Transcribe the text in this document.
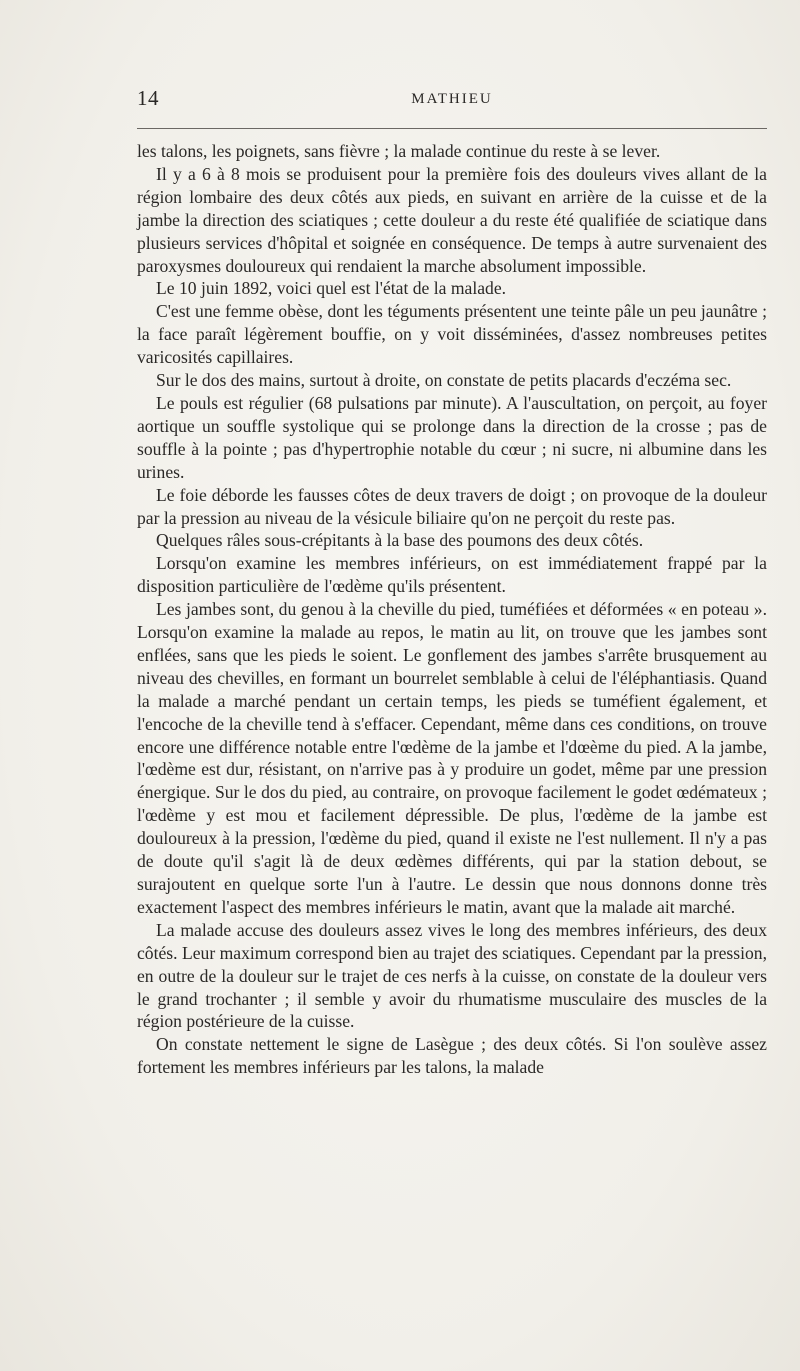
14	MATHIEU

les talons, les poignets, sans fièvre ; la malade continue du reste à se lever.

Il y a 6 à 8 mois se produisent pour la première fois des douleurs vives allant de la région lombaire des deux côtés aux pieds, en suivant en arrière de la cuisse et de la jambe la direction des sciatiques ; cette douleur a du reste été qualifiée de sciatique dans plusieurs services d'hôpital et soignée en conséquence. De temps à autre survenaient des paroxysmes douloureux qui rendaient la marche absolument impossible.

Le 10 juin 1892, voici quel est l'état de la malade.

C'est une femme obèse, dont les téguments présentent une teinte pâle un peu jaunâtre ; la face paraît légèrement bouffie, on y voit disséminées, d'assez nombreuses petites varicosités capillaires.

Sur le dos des mains, surtout à droite, on constate de petits placards d'eczéma sec.

Le pouls est régulier (68 pulsations par minute). A l'auscultation, on perçoit, au foyer aortique un souffle systolique qui se prolonge dans la direction de la crosse ; pas de souffle à la pointe ; pas d'hypertrophie notable du cœur ; ni sucre, ni albumine dans les urines.

Le foie déborde les fausses côtes de deux travers de doigt ; on provoque de la douleur par la pression au niveau de la vésicule biliaire qu'on ne perçoit du reste pas.

Quelques râles sous-crépitants à la base des poumons des deux côtés.

Lorsqu'on examine les membres inférieurs, on est immédiatement frappé par la disposition particulière de l'œdème qu'ils présentent.

Les jambes sont, du genou à la cheville du pied, tuméfiées et déformées « en poteau ». Lorsqu'on examine la malade au repos, le matin au lit, on trouve que les jambes sont enflées, sans que les pieds le soient. Le gonflement des jambes s'arrête brusquement au niveau des chevilles, en formant un bourrelet semblable à celui de l'éléphantiasis. Quand la malade a marché pendant un certain temps, les pieds se tuméfient également, et l'encoche de la cheville tend à s'effacer. Cependant, même dans ces conditions, on trouve encore une différence notable entre l'œdème de la jambe et l'dœème du pied. A la jambe, l'œdème est dur, résistant, on n'arrive pas à y produire un godet, même par une pression énergique. Sur le dos du pied, au contraire, on provoque facilement le godet œdémateux ; l'œdème y est mou et facilement dépressible. De plus, l'œdème de la jambe est douloureux à la pression, l'œdème du pied, quand il existe ne l'est nullement. Il n'y a pas de doute qu'il s'agit là de deux œdèmes différents, qui par la station debout, se surajoutent en quelque sorte l'un à l'autre. Le dessin que nous donnons donne très exactement l'aspect des membres inférieurs le matin, avant que la malade ait marché.

La malade accuse des douleurs assez vives le long des membres inférieurs, des deux côtés. Leur maximum correspond bien au trajet des sciatiques. Cependant par la pression, en outre de la douleur sur le trajet de ces nerfs à la cuisse, on constate de la douleur vers le grand trochanter ; il semble y avoir du rhumatisme musculaire des muscles de la région postérieure de la cuisse.

On constate nettement le signe de Lasègue ; des deux côtés. Si l'on soulève assez fortement les membres inférieurs par les talons, la malade
